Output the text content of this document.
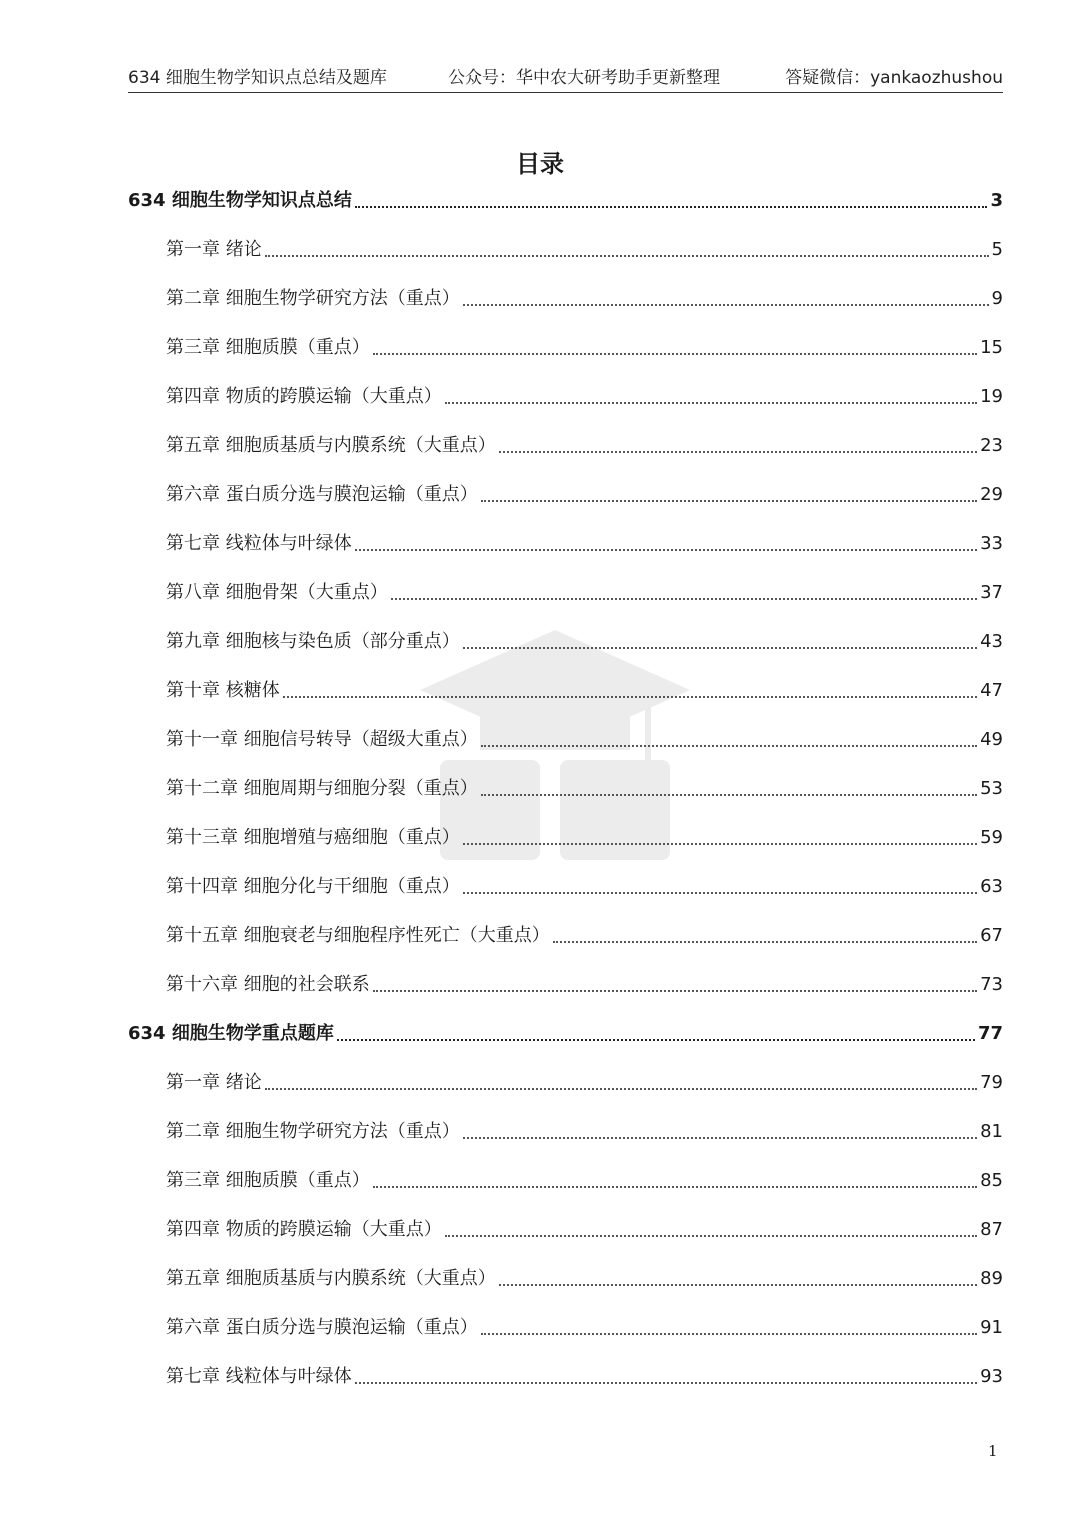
634 细胞生物学知识点总结及题库	公众号：华中农大研考助手更新整理	答疑微信：yankaozhushou
目录
634 细胞生物学知识点总结	3
第一章 绪论	5
第二章 细胞生物学研究方法（重点）	9
第三章 细胞质膜（重点）	15
第四章 物质的跨膜运输（大重点）	19
第五章 细胞质基质与内膜系统（大重点）	23
第六章 蛋白质分选与膜泡运输（重点）	29
第七章 线粒体与叶绿体	33
第八章 细胞骨架（大重点）	37
第九章 细胞核与染色质（部分重点）	43
第十章 核糖体	47
第十一章 细胞信号转导（超级大重点）	49
第十二章 细胞周期与细胞分裂（重点）	53
第十三章 细胞增殖与癌细胞（重点）	59
第十四章 细胞分化与干细胞（重点）	63
第十五章 细胞衰老与细胞程序性死亡（大重点）	67
第十六章 细胞的社会联系	73
634 细胞生物学重点题库	77
第一章 绪论	79
第二章 细胞生物学研究方法（重点）	81
第三章 细胞质膜（重点）	85
第四章 物质的跨膜运输（大重点）	87
第五章 细胞质基质与内膜系统（大重点）	89
第六章 蛋白质分选与膜泡运输（重点）	91
第七章 线粒体与叶绿体	93
1
